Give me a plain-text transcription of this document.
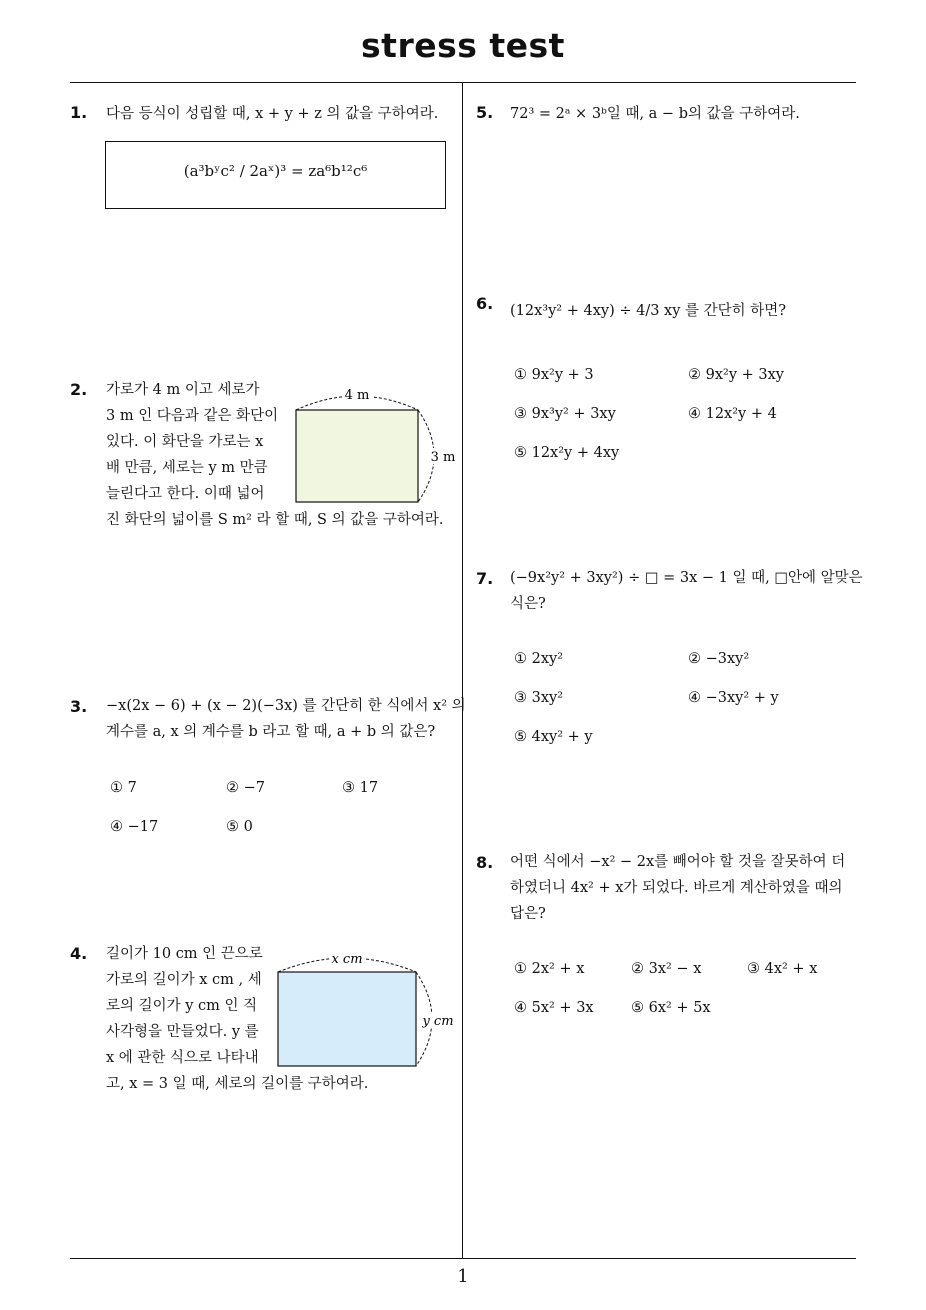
stress test
1
1. 다음 등식이 성립할 때, x + y + z 의 값을 구하여라.
(a³bʸc² / 2aˣ)³ = za⁶b¹²c⁶
2. 가로가 4 m 이고 세로가
3 m 인 다음과 같은 화단이
있다. 이 화단을 가로는 x
배 만큼, 세로는 y m 만큼
늘린다고 한다. 이때 넓어
진 화단의 넓이를 S m² 라 할 때, S 의 값을 구하여라.
4 m
3 m
3. −x(2x − 6) + (x − 2)(−3x) 를 간단히 한 식에서 x² 의
계수를 a, x 의 계수를 b 라고 할 때, a + b 의 값은?
① 7	② −7	③ 17
④ −17	⑤ 0
4. 길이가 10 cm 인 끈으로
가로의 길이가 x cm , 세
로의 길이가 y cm 인 직
사각형을 만들었다. y 를
x 에 관한 식으로 나타내
고, x = 3 일 때, 세로의 길이를 구하여라.
x cm
y cm
5. 72³ = 2ᵃ × 3ᵇ일 때, a − b의 값을 구하여라.
6. (12x³y² + 4xy) ÷ 4/3 xy 를 간단히 하면?
① 9x²y + 3	② 9x²y + 3xy
③ 9x³y² + 3xy	④ 12x²y + 4
⑤ 12x²y + 4xy
7. (−9x²y² + 3xy²) ÷ □ = 3x − 1 일 때, □안에 알맞은
식은?
① 2xy²	② −3xy²
③ 3xy²	④ −3xy² + y
⑤ 4xy² + y
8. 어떤 식에서 −x² − 2x를 빼어야 할 것을 잘못하여 더
하였더니 4x² + x가 되었다. 바르게 계산하였을 때의
답은?
① 2x² + x	② 3x² − x	③ 4x² + x
④ 5x² + 3x	⑤ 6x² + 5x
